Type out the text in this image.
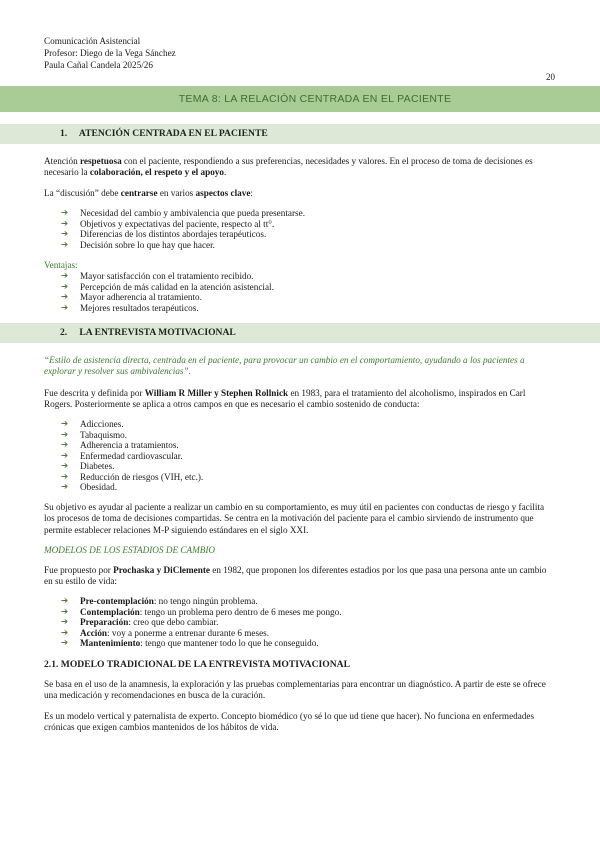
Comunicación Asistencial
Profesor: Diego de la Vega Sánchez
Paula Cañal Candela 2025/26
20
TEMA 8: LA RELACIÓN CENTRADA EN EL PACIENTE
1. ATENCIÓN CENTRADA EN EL PACIENTE
Atención respetuosa con el paciente, respondiendo a sus preferencias, necesidades y valores. En el proceso de toma de decisiones es necesario la colaboración, el respeto y el apoyo.
La “discusión” debe centrarse en varios aspectos clave:
➔ Necesidad del cambio y ambivalencia que pueda presentarse.
➔ Objetivos y expectativas del paciente, respecto al tt°.
➔ Diferencias de los distintos abordajes terapéuticos.
➔ Decisión sobre lo que hay que hacer.
Ventajas:
➔ Mayor satisfacción con el tratamiento recibido.
➔ Percepción de más calidad en la atención asistencial.
➔ Mayor adherencia al tratamiento.
➔ Mejores resultados terapéuticos.
2. LA ENTREVISTA MOTIVACIONAL
“Estilo de asistencia directa, centrada en el paciente, para provocar un cambio en el comportamiento, ayudando a los pacientes a explorar y resolver sus ambivalencias”.
Fue descrita y definida por William R Miller y Stephen Rollnick en 1983, para el tratamiento del alcoholismo, inspirados en Carl Rogers. Posteriormente se aplica a otros campos en que es necesario el cambio sostenido de conducta:
➔ Adicciones.
➔ Tabaquismo.
➔ Adherencia a tratamientos.
➔ Enfermedad cardiovascular.
➔ Diabetes.
➔ Reducción de riesgos (VIH, etc.).
➔ Obesidad.
Su objetivo es ayudar al paciente a realizar un cambio en su comportamiento, es muy útil en pacientes con conductas de riesgo y facilita los procesos de toma de decisiones compartidas. Se centra en la motivación del paciente para el cambio sirviendo de instrumento que permite establecer relaciones M-P siguiendo estándares en el siglo XXI.
MODELOS DE LOS ESTADIOS DE CAMBIO
Fue propuesto por Prochaska y DiClemente en 1982, que proponen los diferentes estadios por los que pasa una persona ante un cambio en su estilo de vida:
➔ Pre-contemplación: no tengo ningún problema.
➔ Contemplación: tengo un problema pero dentro de 6 meses me pongo.
➔ Preparación: creo que debo cambiar.
➔ Acción: voy a ponerme a entrenar durante 6 meses.
➔ Mantenimiento: tengo que mantener todo lo que he conseguido.
2.1. MODELO TRADICIONAL DE LA ENTREVISTA MOTIVACIONAL
Se basa en el uso de la anamnesis, la exploración y las pruebas complementarias para encontrar un diagnóstico. A partir de este se ofrece una medicación y recomendaciones en busca de la curación.
Es un modelo vertical y paternalista de experto. Concepto biomédico (yo sé lo que ud tiene que hacer). No funciona en enfermedades crónicas que exigen cambios mantenidos de los hábitos de vida.
